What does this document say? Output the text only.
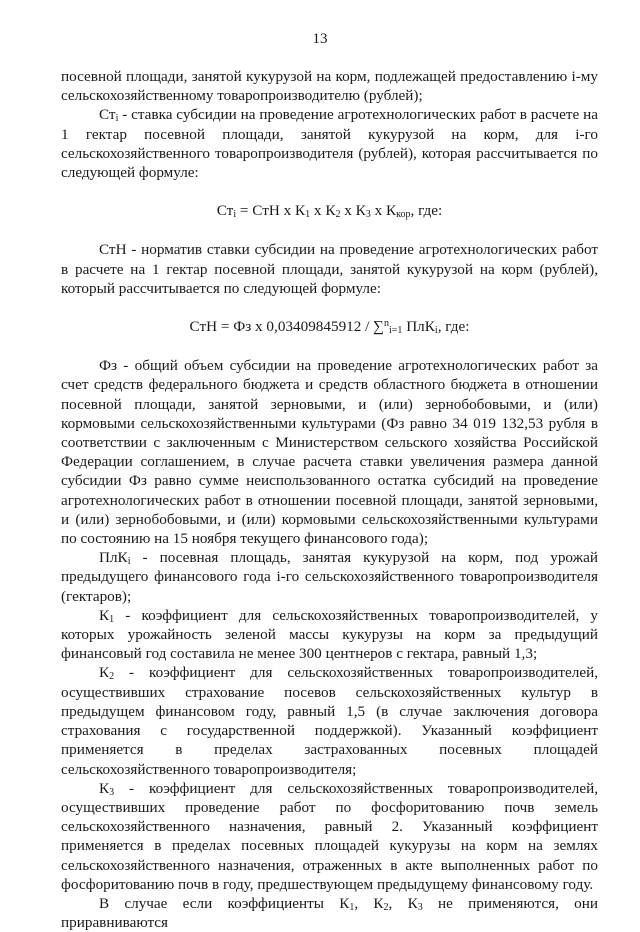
13

посевной площади, занятой кукурузой на корм, подлежащей предоставлению i-му сельскохозяйственному товаропроизводителю (рублей);

$Ст_i$ - ставка субсидии на проведение агротехнологических работ в расчете на 1 гектар посевной площади, занятой кукурузой на корм, для i-го сельскохозяйственного товаропроизводителя (рублей), которая рассчитывается по следующей формуле:

$Ст_i$ = СтН x $К_1$ x $К_2$ x $К_3$ x $К_{кор}$, где:

СтН - норматив ставки субсидии на проведение агротехнологических работ в расчете на 1 гектар посевной площади, занятой кукурузой на корм (рублей), который рассчитывается по следующей формуле:

СтН = Фз x 0,03409845912 / ∑$^n_{i=1}$ ПлК$_i$, где:

Фз - общий объем субсидии на проведение агротехнологических работ за счет средств федерального бюджета и средств областного бюджета в отношении посевной площади, занятой зерновыми, и (или) зернобобовыми, и (или) кормовыми сельскохозяйственными культурами (Фз равно 34 019 132,53 рубля в соответствии с заключенным с Министерством сельского хозяйства Российской Федерации соглашением, в случае расчета ставки увеличения размера данной субсидии Фз равно сумме неиспользованного остатка субсидий на проведение агротехнологических работ в отношении посевной площади, занятой зерновыми, и (или) зернобобовыми, и (или) кормовыми сельскохозяйственными культурами по состоянию на 15 ноября текущего финансового года);

ПлК$_i$ - посевная площадь, занятая кукурузой на корм, под урожай предыдущего финансового года i-го сельскохозяйственного товаропроизводителя (гектаров);

$К_1$ - коэффициент для сельскохозяйственных товаропроизводителей, у которых урожайность зеленой массы кукурузы на корм за предыдущий финансовый год составила не менее 300 центнеров с гектара, равный 1,3;

$К_2$ - коэффициент для сельскохозяйственных товаропроизводителей, осуществивших страхование посевов сельскохозяйственных культур в предыдущем финансовом году, равный 1,5 (в случае заключения договора страхования с государственной поддержкой). Указанный коэффициент применяется в пределах застрахованных посевных площадей сельскохозяйственного товаропроизводителя;

$К_3$ - коэффициент для сельскохозяйственных товаропроизводителей, осуществивших проведение работ по фосфоритованию почв земель сельскохозяйственного назначения, равный 2. Указанный коэффициент применяется в пределах посевных площадей кукурузы на корм на землях сельскохозяйственного назначения, отраженных в акте выполненных работ по фосфоритованию почв в году, предшествующем предыдущему финансовому году.

В случае если коэффициенты $К_1$, $К_2$, $К_3$ не применяются, они приравниваются
